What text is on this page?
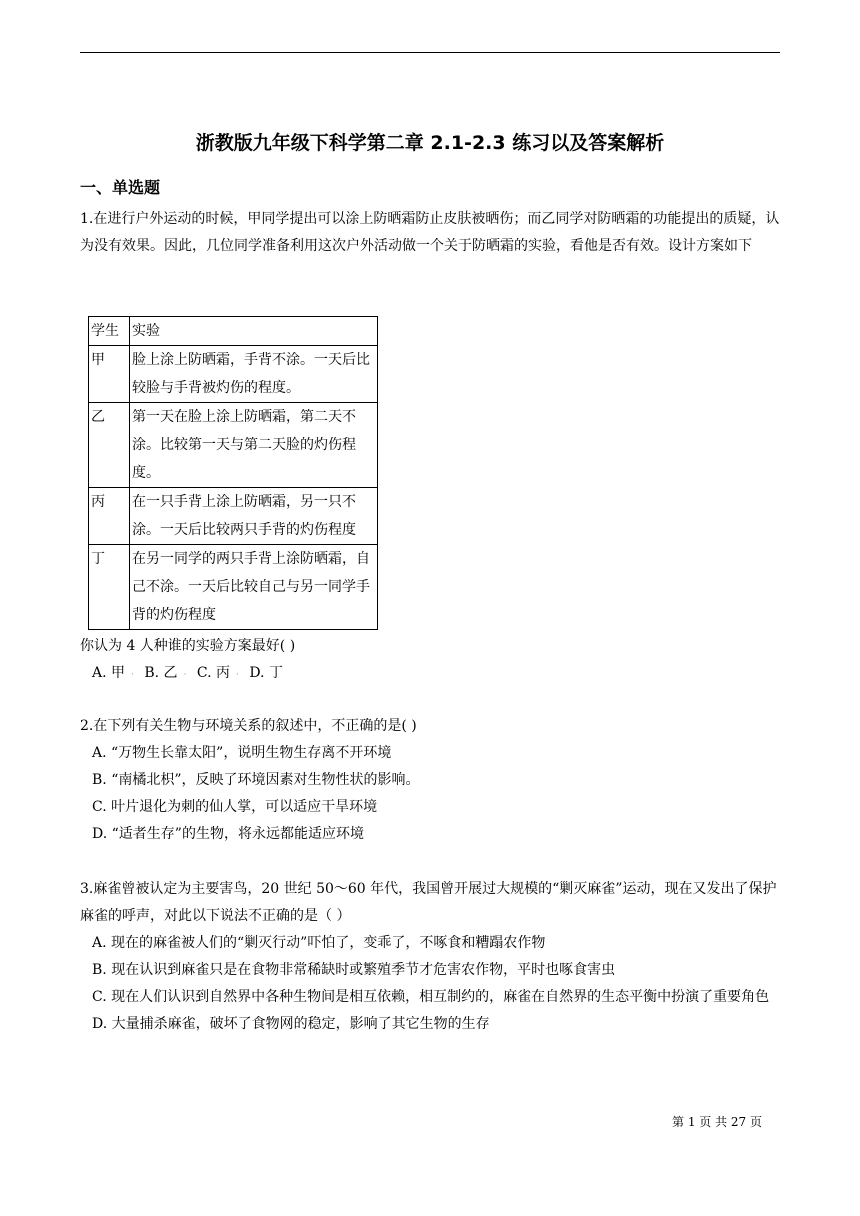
浙教版九年级下科学第二章 2.1-2.3 练习以及答案解析
一、单选题
1.在进行户外运动的时候，甲同学提出可以涂上防晒霜防止皮肤被晒伤；而乙同学对防晒霜的功能提出的质疑，认为没有效果。因此，几位同学准备利用这次户外活动做一个关于防晒霜的实验，看他是否有效。设计方案如下
学生	实验
甲	脸上涂上防晒霜，手背不涂。一天后比较脸与手背被灼伤的程度。
乙	第一天在脸上涂上防晒霜，第二天不涂。比较第一天与第二天脸的灼伤程度。
丙	在一只手背上涂上防晒霜，另一只不涂。一天后比较两只手背的灼伤程度
丁	在另一同学的两只手背上涂防晒霜，自己不涂。一天后比较自己与另一同学手背的灼伤程度
你认为 4 人种谁的实验方案最好( )
A. 甲 · B. 乙 · C. 丙 · D. 丁
2.在下列有关生物与环境关系的叙述中，不正确的是( )
A. “万物生长靠太阳”，说明生物生存离不开环境
B. “南橘北枳”，反映了环境因素对生物性状的影响。
C. 叶片退化为刺的仙人掌，可以适应干旱环境
D. “适者生存”的生物，将永远都能适应环境
3.麻雀曾被认定为主要害鸟，20 世纪 50～60 年代，我国曾开展过大规模的“剿灭麻雀”运动，现在又发出了保护麻雀的呼声，对此以下说法不正确的是（ ）
A. 现在的麻雀被人们的“剿灭行动”吓怕了，变乖了，不啄食和糟蹋农作物
B. 现在认识到麻雀只是在食物非常稀缺时或繁殖季节才危害农作物，平时也啄食害虫
C. 现在人们认识到自然界中各种生物间是相互依赖，相互制约的，麻雀在自然界的生态平衡中扮演了重要角色
D. 大量捕杀麻雀，破坏了食物网的稳定，影响了其它生物的生存
第 1 页 共 27 页
